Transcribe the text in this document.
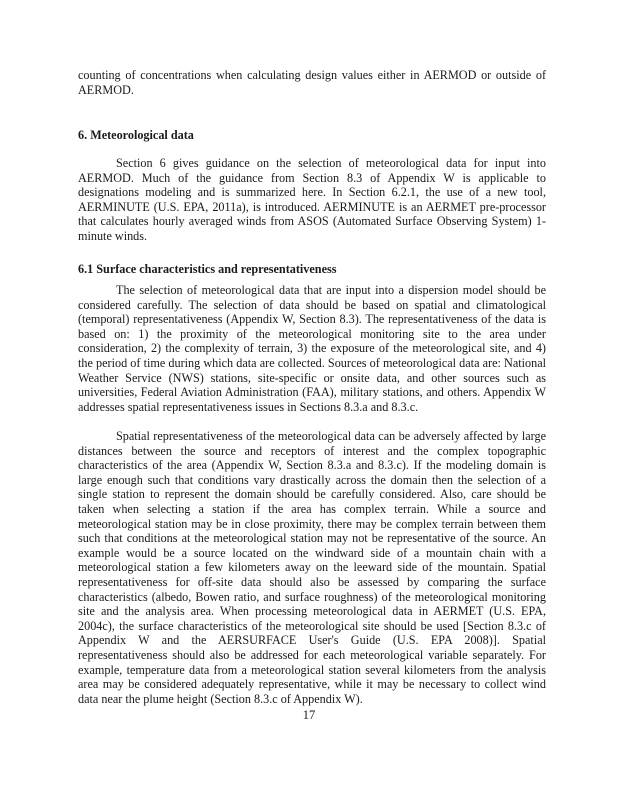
counting of concentrations when calculating design values either in AERMOD or outside of AERMOD.

6. Meteorological data

Section 6 gives guidance on the selection of meteorological data for input into AERMOD. Much of the guidance from Section 8.3 of Appendix W is applicable to designations modeling and is summarized here. In Section 6.2.1, the use of a new tool, AERMINUTE (U.S. EPA, 2011a), is introduced. AERMINUTE is an AERMET pre-processor that calculates hourly averaged winds from ASOS (Automated Surface Observing System) 1-minute winds.

6.1 Surface characteristics and representativeness

The selection of meteorological data that are input into a dispersion model should be considered carefully. The selection of data should be based on spatial and climatological (temporal) representativeness (Appendix W, Section 8.3). The representativeness of the data is based on: 1) the proximity of the meteorological monitoring site to the area under consideration, 2) the complexity of terrain, 3) the exposure of the meteorological site, and 4) the period of time during which data are collected. Sources of meteorological data are: National Weather Service (NWS) stations, site-specific or onsite data, and other sources such as universities, Federal Aviation Administration (FAA), military stations, and others. Appendix W addresses spatial representativeness issues in Sections 8.3.a and 8.3.c.

Spatial representativeness of the meteorological data can be adversely affected by large distances between the source and receptors of interest and the complex topographic characteristics of the area (Appendix W, Section 8.3.a and 8.3.c). If the modeling domain is large enough such that conditions vary drastically across the domain then the selection of a single station to represent the domain should be carefully considered. Also, care should be taken when selecting a station if the area has complex terrain. While a source and meteorological station may be in close proximity, there may be complex terrain between them such that conditions at the meteorological station may not be representative of the source. An example would be a source located on the windward side of a mountain chain with a meteorological station a few kilometers away on the leeward side of the mountain. Spatial representativeness for off-site data should also be assessed by comparing the surface characteristics (albedo, Bowen ratio, and surface roughness) of the meteorological monitoring site and the analysis area. When processing meteorological data in AERMET (U.S. EPA, 2004c), the surface characteristics of the meteorological site should be used [Section 8.3.c of Appendix W and the AERSURFACE User's Guide (U.S. EPA 2008)]. Spatial representativeness should also be addressed for each meteorological variable separately. For example, temperature data from a meteorological station several kilometers from the analysis area may be considered adequately representative, while it may be necessary to collect wind data near the plume height (Section 8.3.c of Appendix W).

17
